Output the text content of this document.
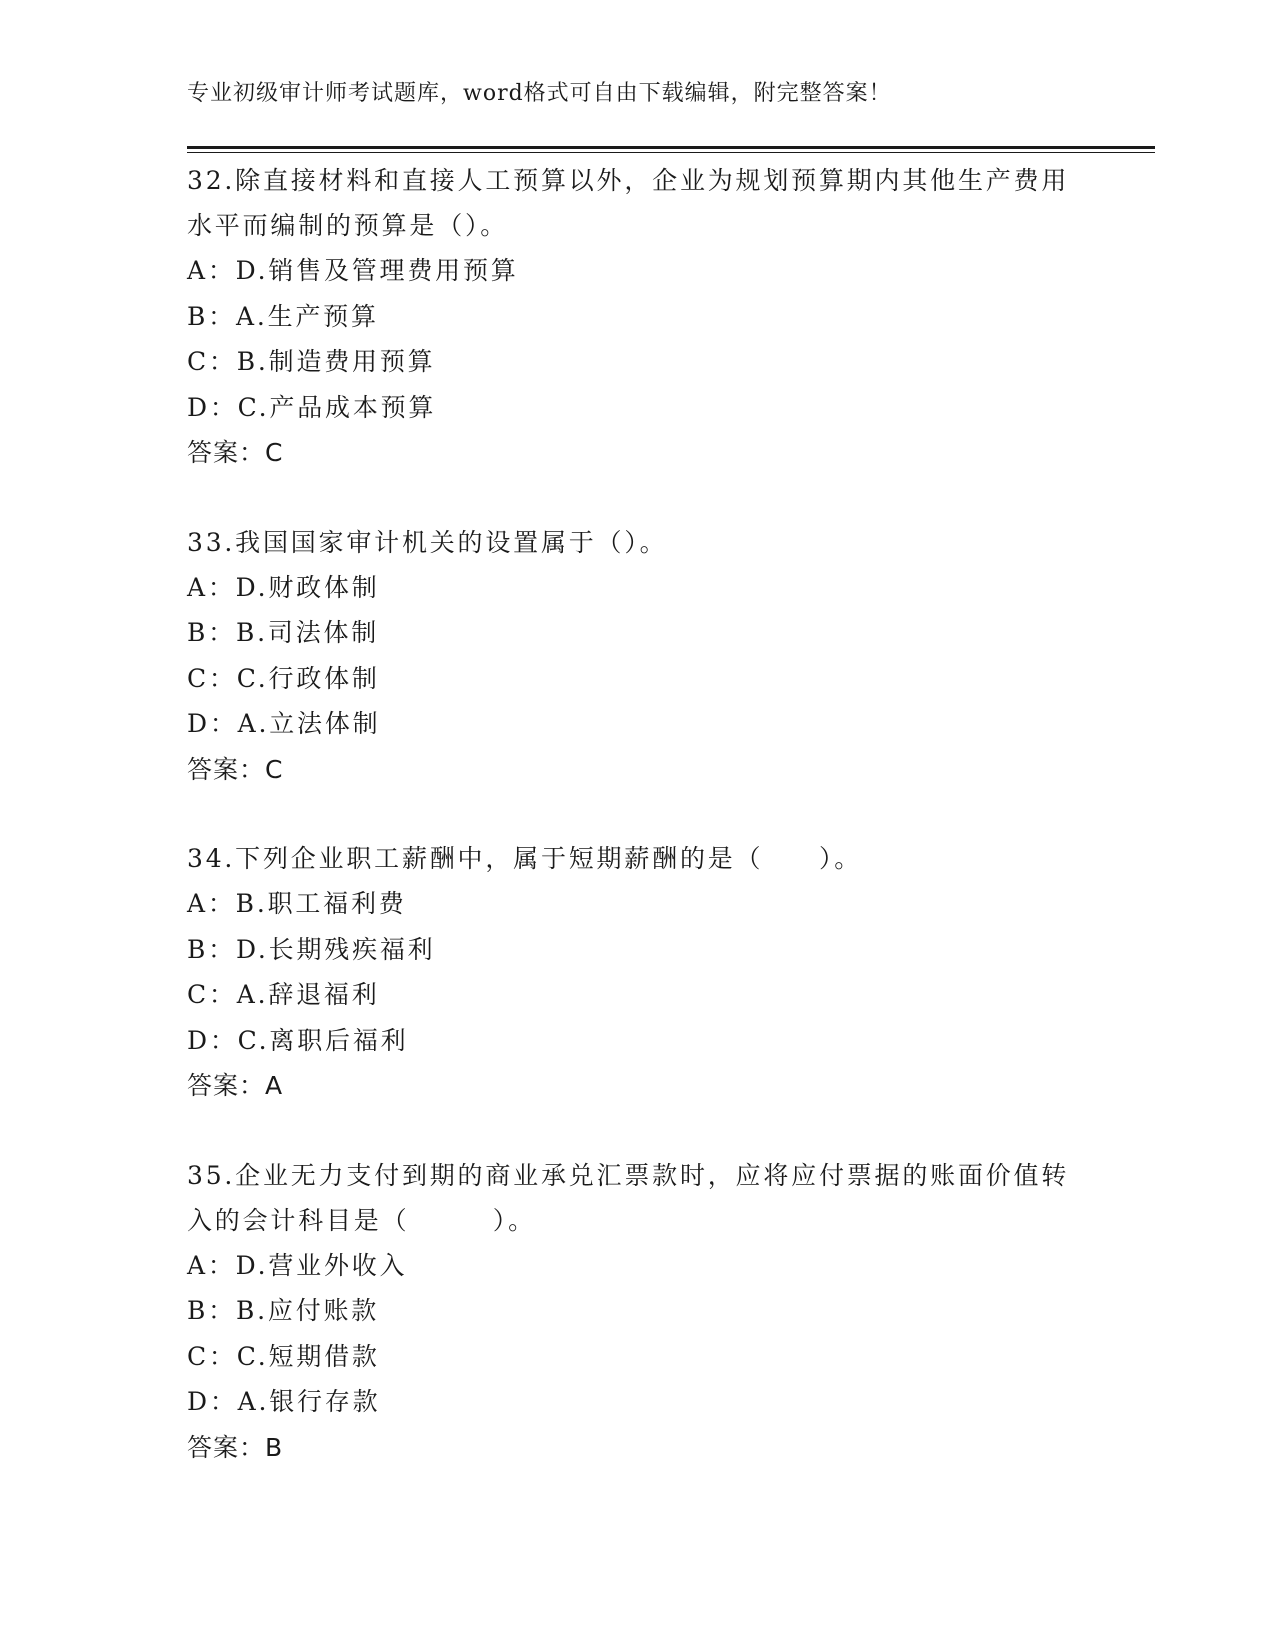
专业初级审计师考试题库，word格式可自由下载编辑，附完整答案！

32.除直接材料和直接人工预算以外，企业为规划预算期内其他生产费用水平而编制的预算是（）。

A：D.销售及管理费用预算
B：A.生产预算
C：B.制造费用预算
D：C.产品成本预算
答案：C

33.我国国家审计机关的设置属于（）。

A：D.财政体制
B：B.司法体制
C：C.行政体制
D：A.立法体制
答案：C

34.下列企业职工薪酬中，属于短期薪酬的是（　　）。

A：B.职工福利费
B：D.长期残疾福利
C：A.辞退福利
D：C.离职后福利
答案：A

35.企业无力支付到期的商业承兑汇票款时，应将应付票据的账面价值转入的会计科目是（　　　）。

A：D.营业外收入
B：B.应付账款
C：C.短期借款
D：A.银行存款
答案：B
